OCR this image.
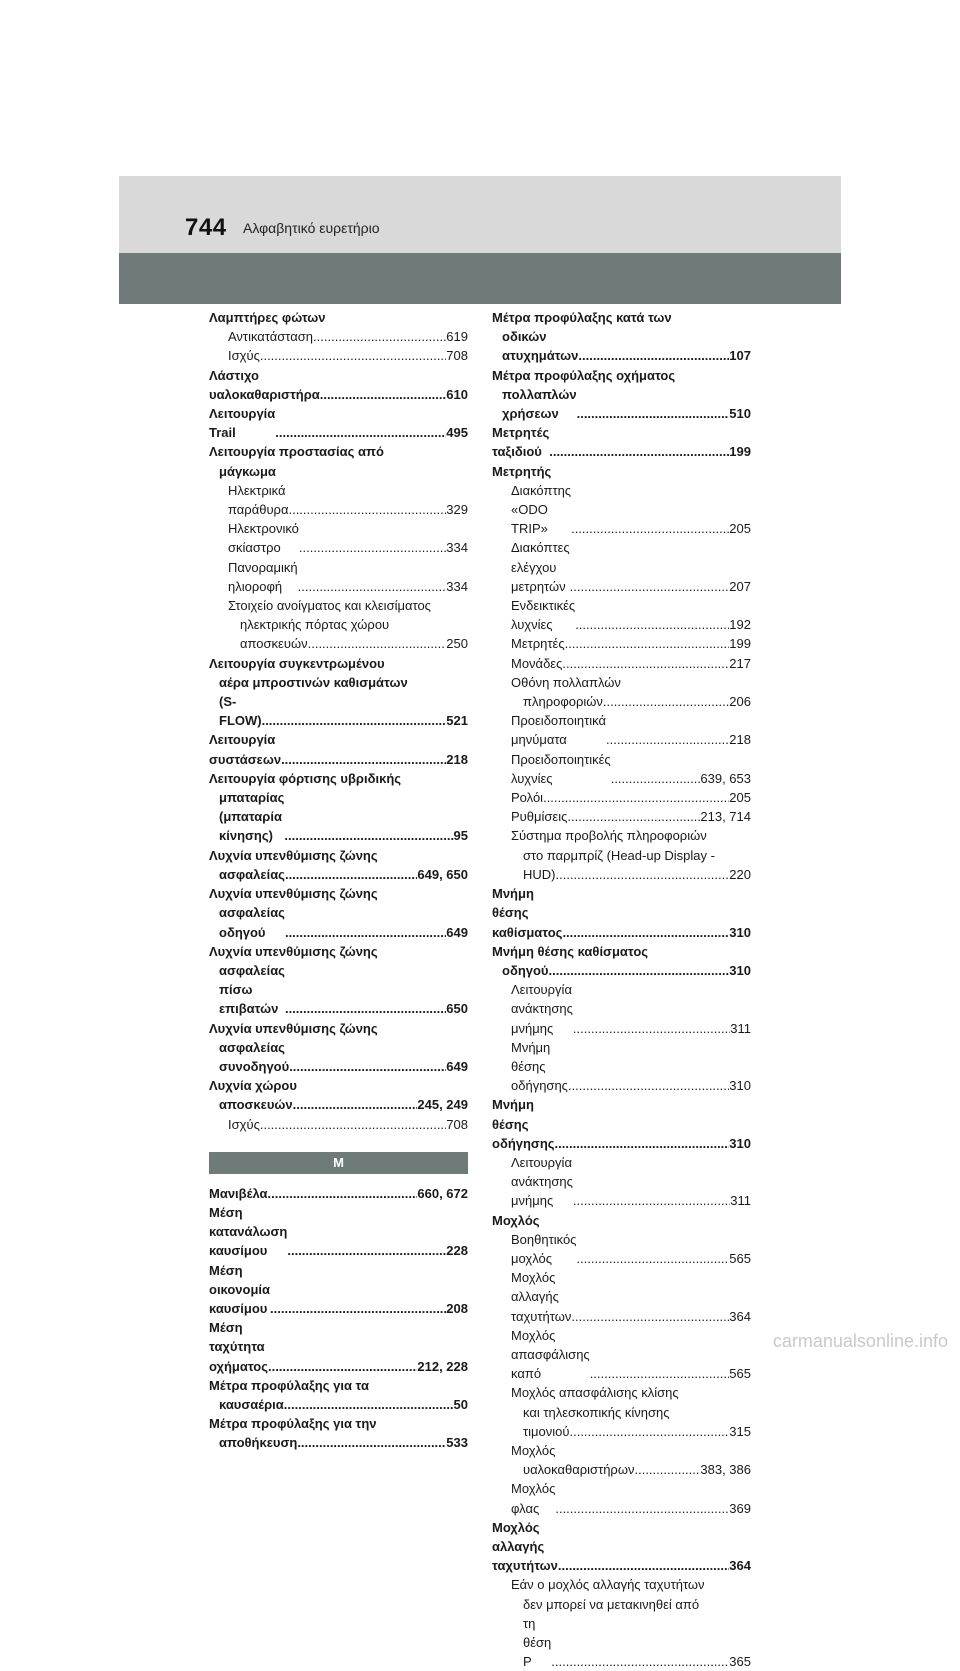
744 Αλφαβητικό ευρετήριο
Λαμπτήρες φώτων
Αντικατάσταση .....	619
Ισχύς .....	708
Λάστιχο υαλοκαθαριστήρα .....	610
Λειτουργία Trail .....	495
Λειτουργία προστασίας από
μάγκωμα
Ηλεκτρικά παράθυρα .....	329
Ηλεκτρονικό σκίαστρο .....	334
Πανοραμική ηλιοροφή .....	334
Στοιχείο ανοίγματος και κλεισίματος
ηλεκτρικής πόρτας χώρου
αποσκευών .....	250
Λειτουργία συγκεντρωμένου
αέρα μπροστινών καθισμάτων
(S-FLOW) .....	521
Λειτουργία συστάσεων .....	218
Λειτουργία φόρτισης υβριδικής
μπαταρίας (μπαταρία κίνησης) .....	95
Λυχνία υπενθύμισης ζώνης
ασφαλείας .....	649, 650
Λυχνία υπενθύμισης ζώνης
ασφαλείας οδηγού .....	649
Λυχνία υπενθύμισης ζώνης
ασφαλείας πίσω επιβατών .....	650
Λυχνία υπενθύμισης ζώνης
ασφαλείας συνοδηγού .....	649
Λυχνία χώρου
αποσκευών .....	245, 249
Ισχύς .....	708
M
Μανιβέλα .....	660, 672
Μέση κατανάλωση καυσίμου .....	228
Μέση οικονομία καυσίμου .....	208
Μέση ταχύτητα οχήματος .....	212, 228
Μέτρα προφύλαξης για τα
καυσαέρια .....	50
Μέτρα προφύλαξης για την
αποθήκευση .....	533
Μέτρα προφύλαξης κατά των
οδικών ατυχημάτων .....	107
Μέτρα προφύλαξης οχήματος
πολλαπλών χρήσεων .....	510
Μετρητές ταξιδιού .....	199
Μετρητής
Διακόπτης «ODO TRIP» .....	205
Διακόπτες ελέγχου μετρητών .....	207
Ενδεικτικές λυχνίες .....	192
Μετρητές .....	199
Μονάδες .....	217
Οθόνη πολλαπλών
πληροφοριών .....	206
Προειδοποιητικά μηνύματα .....	218
Προειδοποιητικές λυχνίες .....	639, 653
Ρολόι .....	205
Ρυθμίσεις .....	213, 714
Σύστημα προβολής πληροφοριών
στο παρμπρίζ (Head-up Display -
HUD) .....	220
Μνήμη θέσης καθίσματος .....	310
Μνήμη θέσης καθίσματος
οδηγού .....	310
Λειτουργία ανάκτησης μνήμης .....	311
Μνήμη θέσης οδήγησης .....	310
Μνήμη θέσης οδήγησης .....	310
Λειτουργία ανάκτησης μνήμης .....	311
Μοχλός
Βοηθητικός μοχλός .....	565
Μοχλός αλλαγής ταχυτήτων .....	364
Μοχλός απασφάλισης καπό .....	565
Μοχλός απασφάλισης κλίσης
και τηλεσκοπικής κίνησης
τιμονιού .....	315
Μοχλός
υαλοκαθαριστήρων .....	383, 386
Μοχλός φλας .....	369
Μοχλός αλλαγής ταχυτήτων .....	364
Εάν ο μοχλός αλλαγής ταχυτήτων
δεν μπορεί να μετακινηθεί από
τη θέση P .....	365
carmanualsonline.info
